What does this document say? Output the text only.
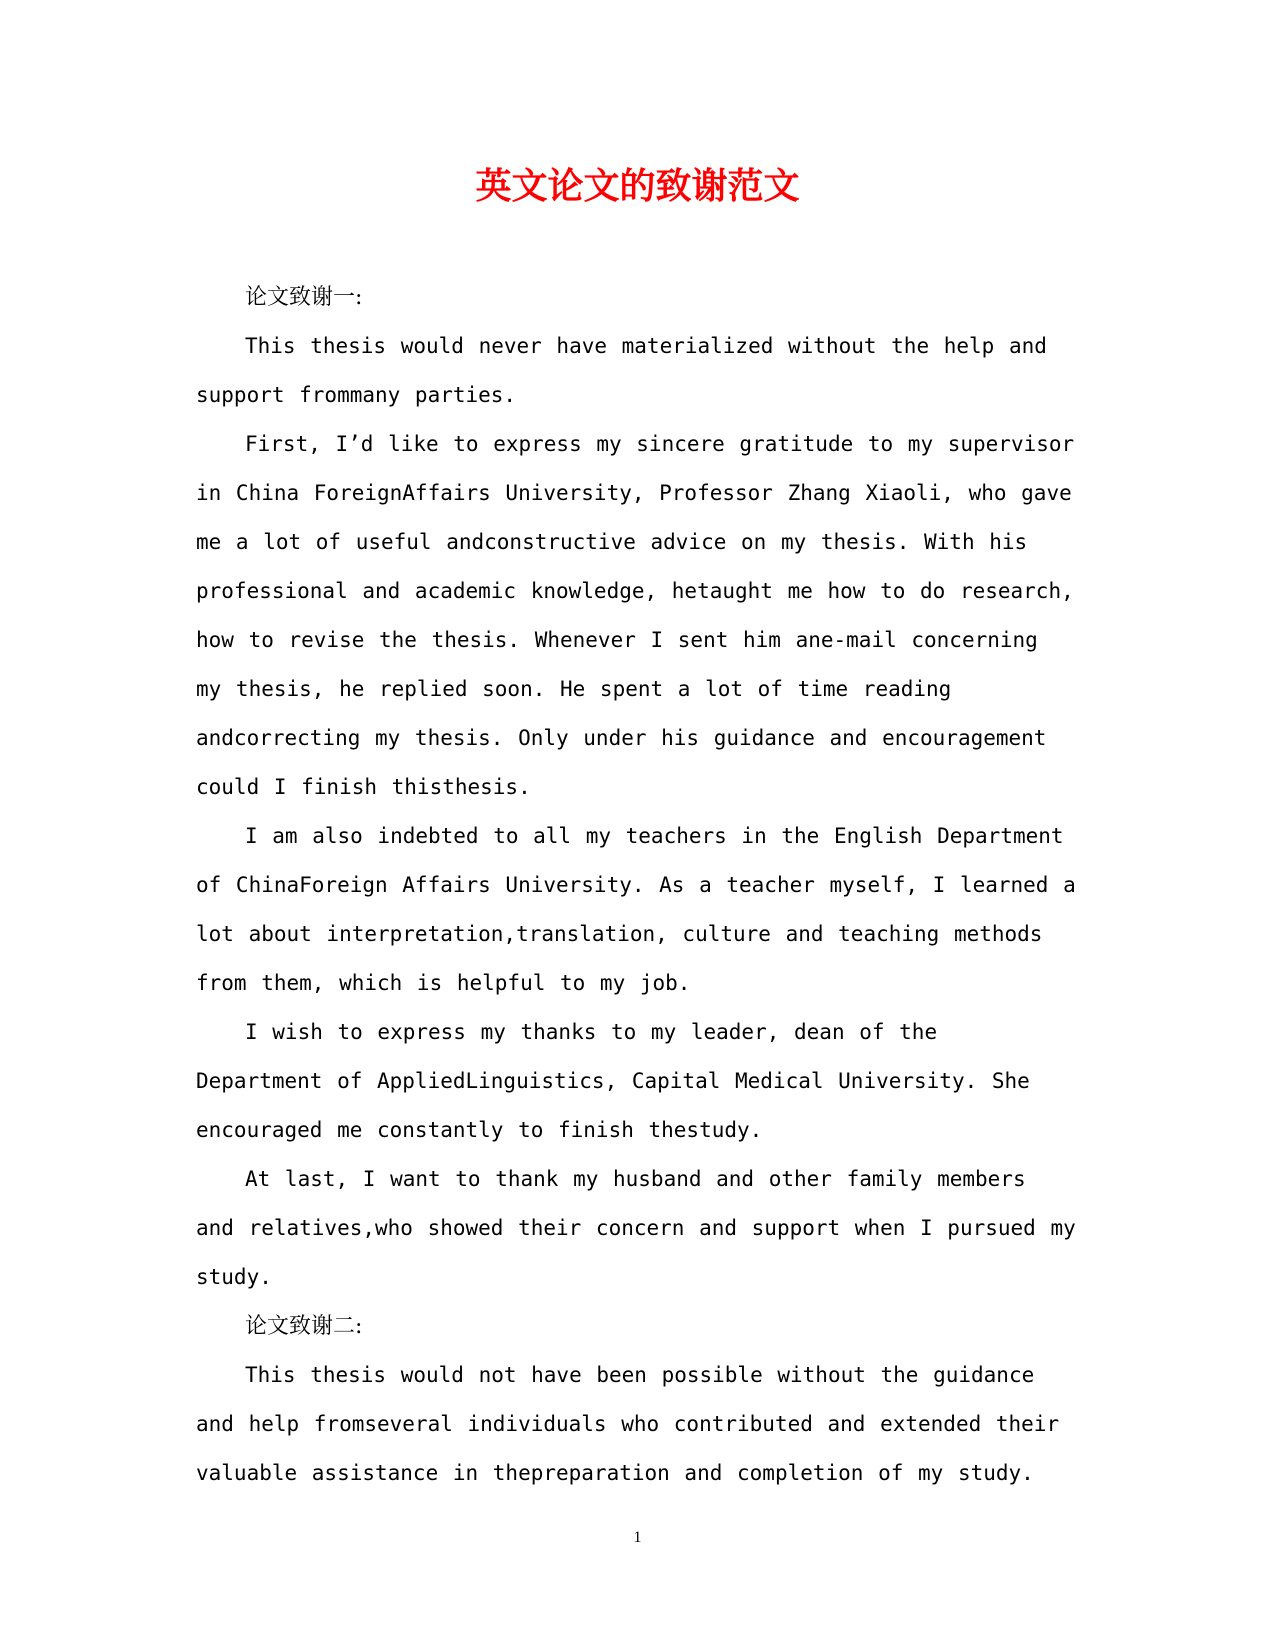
英文论文的致谢范文

论文致谢一:

This thesis would never have materialized without the help and support frommany parties.

First, I’d like to express my sincere gratitude to my supervisor in China ForeignAffairs University, Professor Zhang Xiaoli, who gave me a lot of useful andconstructive advice on my thesis. With his professional and academic knowledge, hetaught me how to do research, how to revise the thesis. Whenever I sent him ane-mail concerning my thesis, he replied soon. He spent a lot of time reading andcorrecting my thesis. Only under his guidance and encouragement could I finish thisthesis.

I am also indebted to all my teachers in the English Department of ChinaForeign Affairs University. As a teacher myself, I learned a lot about interpretation,translation, culture and teaching methods from them, which is helpful to my job.

I wish to express my thanks to my leader, dean of the Department of AppliedLinguistics, Capital Medical University. She encouraged me constantly to finish thestudy.

At last, I want to thank my husband and other family members and relatives,who showed their concern and support when I pursued my study.

论文致谢二:

This thesis would not have been possible without the guidance and help fromseveral individuals who contributed and extended their valuable assistance in thepreparation and completion of my study.

1
